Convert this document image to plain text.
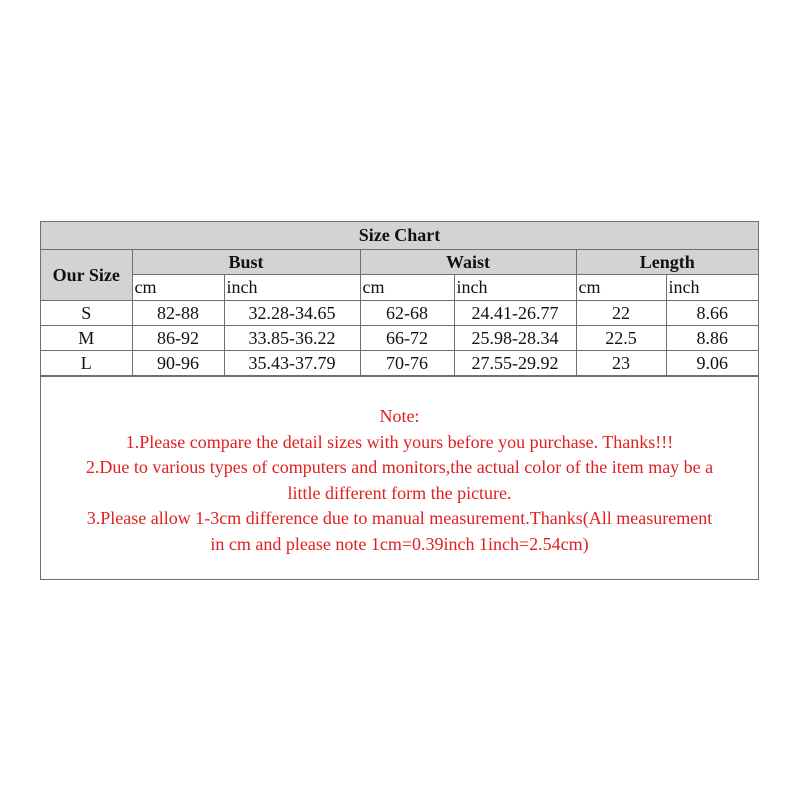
Size Chart						
Our Size	Bust		Waist		Length	
	cm	inch	cm	inch	cm	inch
S	82-88	32.28-34.65	62-68	24.41-26.77	22	8.66
M	86-92	33.85-36.22	66-72	25.98-28.34	22.5	8.86
L	90-96	35.43-37.79	70-76	27.55-29.92	23	9.06
Note:
1.Please compare the detail sizes with yours before you purchase. Thanks!!!
2.Due to various types of computers and monitors,the actual color of the item may be a
little different form the picture.
3.Please allow 1-3cm difference due to manual measurement.Thanks(All measurement
in cm and please note 1cm=0.39inch 1inch=2.54cm)
